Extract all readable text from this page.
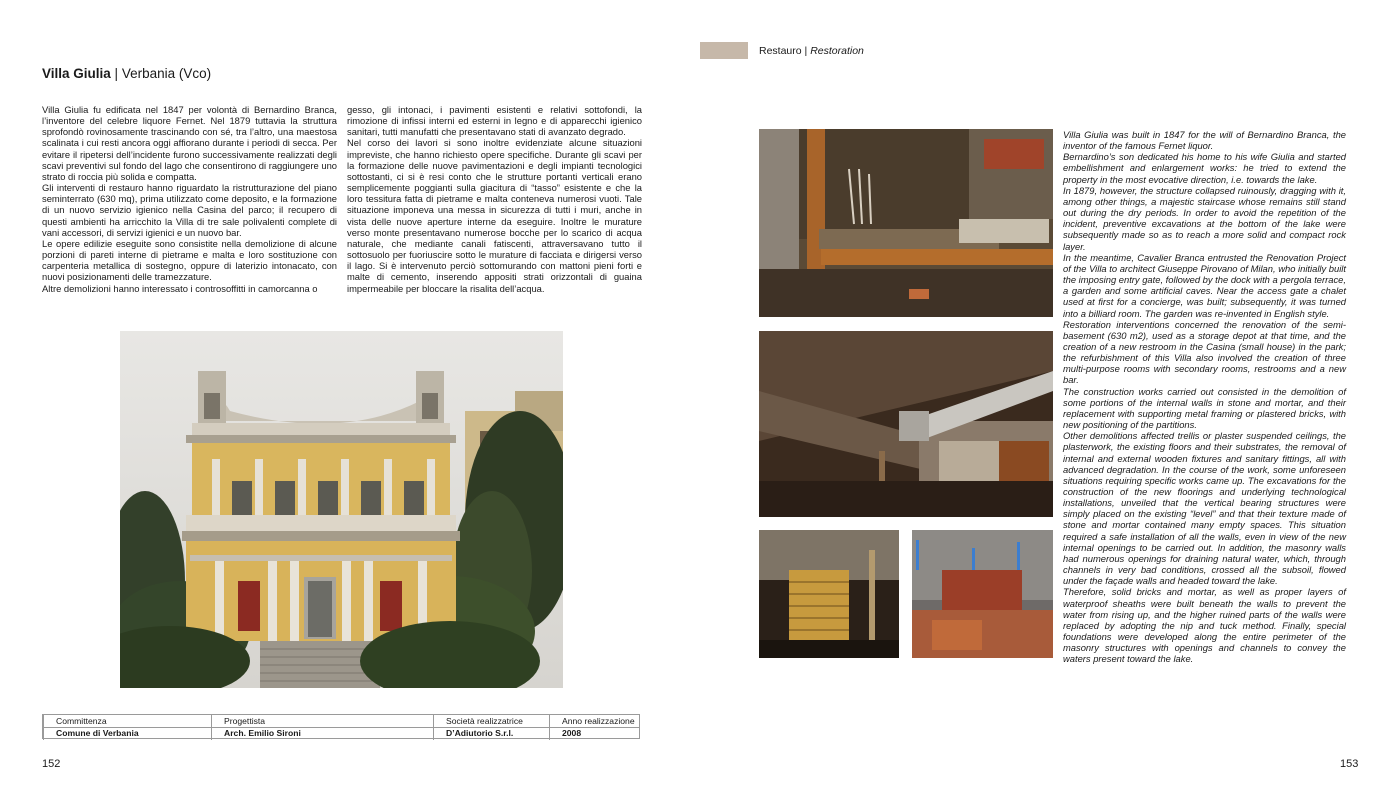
Villa Giulia | Verbania (Vco)

Villa Giulia fu edificata nel 1847 per volontà di Bernardino Branca, l’inventore del celebre liquore Fernet. Nel 1879 tuttavia la struttura sprofondò rovinosamente trascinando con sé, tra l’altro, una maestosa scalinata i cui resti ancora oggi affiorano durante i periodi di secca. Per evitare il ripetersi dell’incidente furono successivamente realizzati degli scavi preventivi sul fondo del lago che consentirono di raggiungere uno strato di roccia più solida e compatta.

Gli interventi di restauro hanno riguardato la ristrutturazione del piano seminterrato (630 mq), prima utilizzato come deposito, e la formazione di un nuovo servizio igienico nella Casina del parco; il recupero di questi ambienti ha arricchito la Villa di tre sale polivalenti complete di vani accessori, di servizi igienici e un nuovo bar.

Le opere edilizie eseguite sono consistite nella demolizione di alcune porzioni di pareti interne di pietrame e malta e loro sostituzione con carpenteria metallica di sostegno, oppure di laterizio intonacato, con nuovi posizionamenti delle tramezzature.

Altre demolizioni hanno interessato i controsoffitti in camorcanna o

gesso, gli intonaci, i pavimenti esistenti e relativi sottofondi, la rimozione di infissi interni ed esterni in legno e di apparecchi igienico sanitari, tutti manufatti che presentavano stati di avanzato degrado.

Nel corso dei lavori si sono inoltre evidenziate alcune situazioni impreviste, che hanno richiesto opere specifiche. Durante gli scavi per la formazione delle nuove pavimentazioni e degli impianti tecnologici sottostanti, ci si è resi conto che le strutture portanti verticali erano semplicemente poggianti sulla giacitura di “tasso” esistente e che la loro tessitura fatta di pietrame e malta conteneva numerosi vuoti. Tale situazione imponeva una messa in sicurezza di tutti i muri, anche in vista delle nuove aperture interne da eseguire. Inoltre le murature verso monte presentavano numerose bocche per lo scarico di acqua naturale, che mediante canali fatiscenti, attraversavano tutto il sottosuolo per fuoriuscire sotto le murature di facciata e dirigersi verso il lago. Si è intervenuto perciò sottomurando con mattoni pieni forti e malte di cemento, inserendo appositi strati orizzontali di guaina impermeabile per bloccare la risalita dell’acqua.

Committenza
Comune di Verbania
Progettista
Arch. Emilio Sironi
Società realizzatrice
D’Adiutorio S.r.l.
Anno realizzazione
2008
152
Restauro | Restoration

Villa Giulia was built in 1847 for the will of Bernardino Branca, the inventor of the famous Fernet liquor.

Bernardino’s son dedicated his home to his wife Giulia and started embellishment and enlargement works: he tried to extend the property in the most evocative direction, i.e. towards the lake.

In 1879, however, the structure collapsed ruinously, dragging with it, among other things, a majestic staircase whose remains still stand out during the dry periods. In order to avoid the repetition of the incident, preventive excavations at the bottom of the lake were subsequently made so as to reach a more solid and compact rock layer.

In the meantime, Cavalier Branca entrusted the Renovation Project of the Villa to architect Giuseppe Pirovano of Milan, who initially built the imposing entry gate, followed by the dock with a pergola terrace, a garden and some artificial caves. Near the access gate a chalet used at first for a concierge, was built; subsequently, it was turned into a billiard room. The garden was re-invented in English style.

Restoration interventions concerned the renovation of the semi-basement (630 m2), used as a storage depot at that time, and the creation of a new restroom in the Casina (small house) in the park; the refurbishment of this Villa also involved the creation of three multi-purpose rooms with secondary rooms, restrooms and a new bar.

The construction works carried out consisted in the demolition of some portions of the internal walls in stone and mortar, and their replacement with supporting metal framing or plastered bricks, with new positioning of the partitions.

Other demolitions affected trellis or plaster suspended ceilings, the plasterwork, the existing floors and their substrates, the removal of internal and external wooden fixtures and sanitary fittings, all with advanced degradation. In the course of the work, some unforeseen situations requiring specific works came up. The excavations for the construction of the new floorings and underlying technological installations, unveiled that the vertical bearing structures were simply placed on the existing “level” and that their texture made of stone and mortar contained many empty spaces. This situation required a safe installation of all the walls, even in view of the new internal openings to be carried out. In addition, the masonry walls had numerous openings for draining natural water, which, through channels in very bad conditions, crossed all the subsoil, flowed under the façade walls and headed toward the lake.

Therefore, solid bricks and mortar, as well as proper layers of waterproof sheaths were built beneath the walls to prevent the water from rising up, and the higher ruined parts of the walls were replaced by adopting the nip and tuck method. Finally, special foundations were developed along the entire perimeter of the masonry structures with openings and channels to convey the waters present toward the lake.

153
